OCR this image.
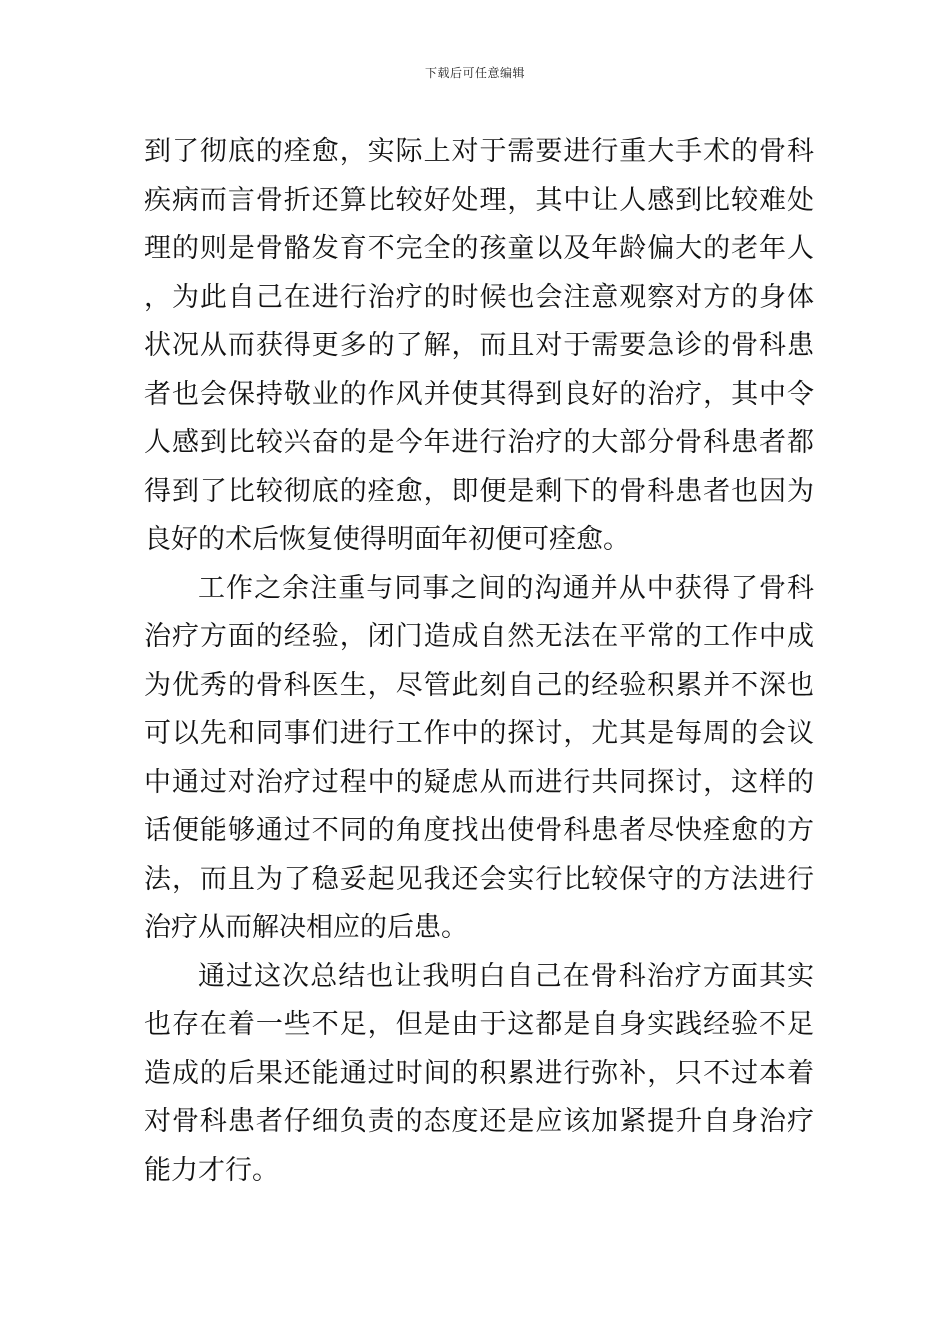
下载后可任意编辑

到了彻底的痊愈，实际上对于需要进行重大手术的骨科疾病而言骨折还算比较好处理，其中让人感到比较难处理的则是骨骼发育不完全的孩童以及年龄偏大的老年人，为此自己在进行治疗的时候也会注意观察对方的身体状况从而获得更多的了解，而且对于需要急诊的骨科患者也会保持敬业的作风并使其得到良好的治疗，其中令人感到比较兴奋的是今年进行治疗的大部分骨科患者都得到了比较彻底的痊愈，即便是剩下的骨科患者也因为良好的术后恢复使得明面年初便可痊愈。

工作之余注重与同事之间的沟通并从中获得了骨科治疗方面的经验，闭门造成自然无法在平常的工作中成为优秀的骨科医生，尽管此刻自己的经验积累并不深也可以先和同事们进行工作中的探讨，尤其是每周的会议中通过对治疗过程中的疑虑从而进行共同探讨，这样的话便能够通过不同的角度找出使骨科患者尽快痊愈的方法，而且为了稳妥起见我还会实行比较保守的方法进行治疗从而解决相应的后患。

通过这次总结也让我明白自己在骨科治疗方面其实也存在着一些不足，但是由于这都是自身实践经验不足造成的后果还能通过时间的积累进行弥补，只不过本着对骨科患者仔细负责的态度还是应该加紧提升自身治疗能力才行。
